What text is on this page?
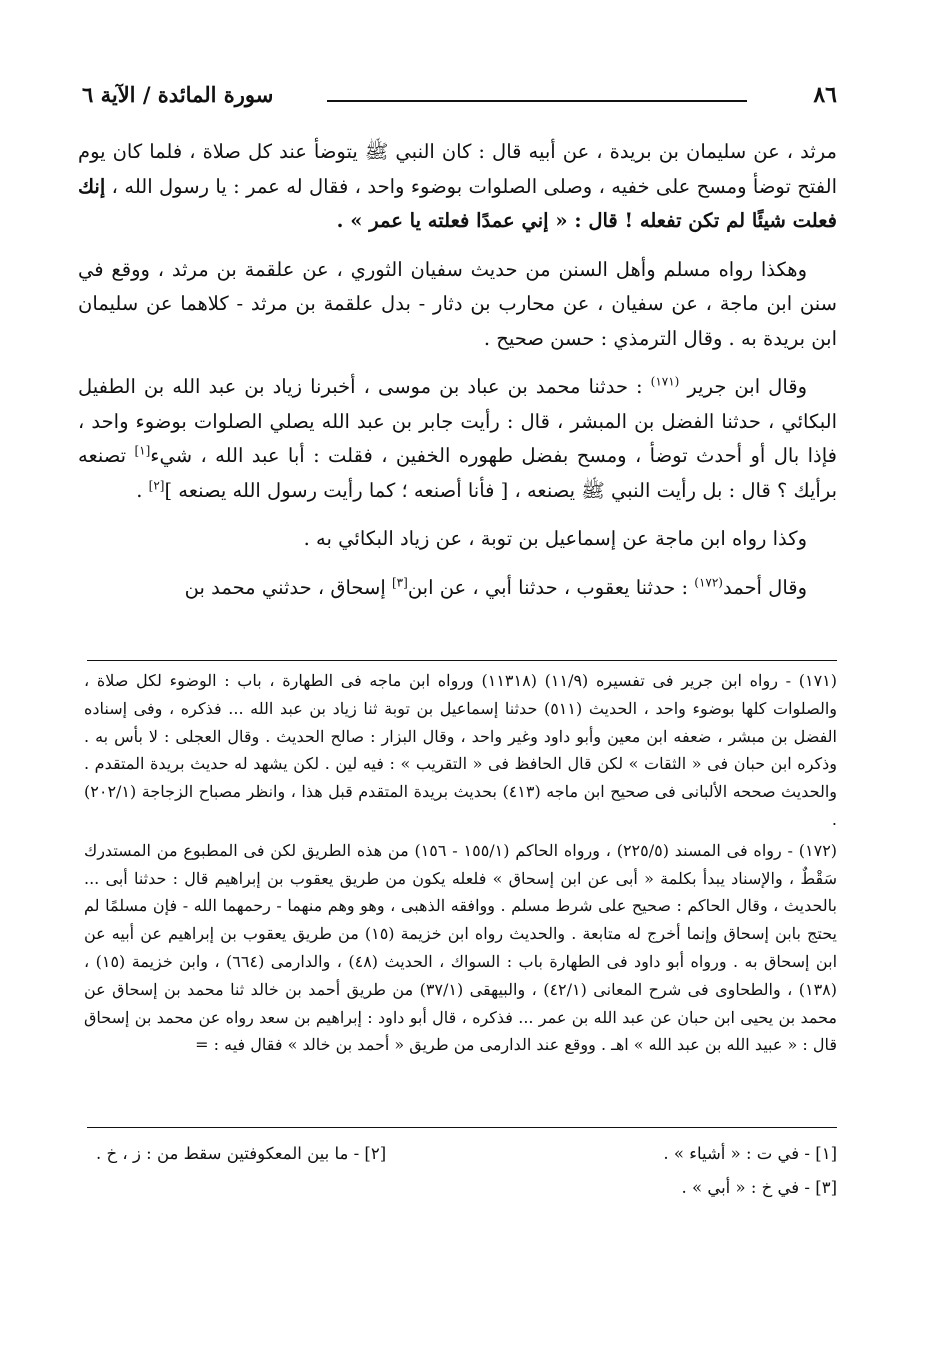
٨٦
سورة المائدة / الآية ٦

مرثد ، عن سليمان بن بريدة ، عن أبيه قال : كان النبي ﷺ يتوضأ عند كل صلاة ، فلما كان يوم الفتح توضأ ومسح على خفيه ، وصلى الصلوات بوضوء واحد ، فقال له عمر : يا رسول الله ، إنك فعلت شيئًا لم تكن تفعله ! قال : « إني عمدًا فعلته يا عمر » .

وهكذا رواه مسلم وأهل السنن من حديث سفيان الثوري ، عن علقمة بن مرثد ، ووقع في سنن ابن ماجة ، عن سفيان ، عن محارب بن دثار - بدل علقمة بن مرثد - كلاهما عن سليمان ابن بريدة به . وقال الترمذي : حسن صحيح .

وقال ابن جرير $^{(١٧١)}$ : حدثنا محمد بن عباد بن موسى ، أخبرنا زياد بن عبد الله بن الطفيل البكائي ، حدثنا الفضل بن المبشر ، قال : رأيت جابر بن عبد الله يصلي الصلوات بوضوء واحد ، فإذا بال أو أحدث توضأ ، ومسح بفضل طهوره الخفين ، فقلت : أبا عبد الله ، شيء[١] تصنعه برأيك ؟ قال : بل رأيت النبي ﷺ يصنعه ، [ فأنا أصنعه ؛ كما رأيت رسول الله يصنعه ][٢] .

وكذا رواه ابن ماجة عن إسماعيل بن توبة ، عن زياد البكائي به .

وقال أحمد$^{(١٧٢)}$ : حدثنا يعقوب ، حدثنا أبي ، عن ابن[٣] إسحاق ، حدثني محمد بن

(١٧١) - رواه ابن جرير فى تفسيره (١١/٩) (١١٣١٨) ورواه ابن ماجه فى الطهارة ، باب : الوضوء لكل صلاة ، والصلوات كلها بوضوء واحد ، الحديث (٥١١) حدثنا إسماعيل بن توبة ثنا زياد بن عبد الله ... فذكره ، وفى إسناده الفضل بن مبشر ، ضعفه ابن معين وأبو داود وغير واحد ، وقال البزار : صالح الحديث . وقال العجلى : لا بأس به . وذكره ابن حبان فى « الثقات » لكن قال الحافظ فى « التقريب » : فيه لين . لكن يشهد له حديث بريدة المتقدم . والحديث صححه الألبانى فى صحيح ابن ماجه (٤١٣) بحديث بريدة المتقدم قبل هذا ، وانظر مصباح الزجاجة (٢٠٢/١) .

(١٧٢) - رواه فى المسند (٢٢٥/٥) ، ورواه الحاكم (١٥٥/١ - ١٥٦) من هذه الطريق لكن فى المطبوع من المستدرك سَقْطٌ ، والإسناد يبدأ بكلمة « أبى عن ابن إسحاق » فلعله يكون من طريق يعقوب بن إبراهيم قال : حدثنا أبى ... بالحديث ، وقال الحاكم : صحيح على شرط مسلم . ووافقه الذهبى ، وهو وهم منهما - رحمهما الله - فإن مسلمًا لم يحتج بابن إسحاق وإنما أخرج له متابعة . والحديث رواه ابن خزيمة (١٥) من طريق يعقوب بن إبراهيم عن أبيه عن ابن إسحاق به . ورواه أبو داود فى الطهارة باب : السواك ، الحديث (٤٨) ، والدارمى (٦٦٤) ، وابن خزيمة (١٥) ، (١٣٨) ، والطحاوى فى شرح المعانى (٤٢/١) ، والبيهقى (٣٧/١) من طريق أحمد بن خالد ثنا محمد بن إسحاق عن محمد بن يحيى ابن حبان عن عبد الله بن عمر ... فذكره ، قال أبو داود : إبراهيم بن سعد رواه عن محمد بن إسحاق قال : « عبيد الله بن عبد الله » اهـ . ووقع عند الدارمى من طريق « أحمد بن خالد » فقال فيه : =

[١] - في ت : « أشياء » .
[٢] - ما بين المعكوفتين سقط من : ز ، خ .
[٣] - في خ : « أبي » .
